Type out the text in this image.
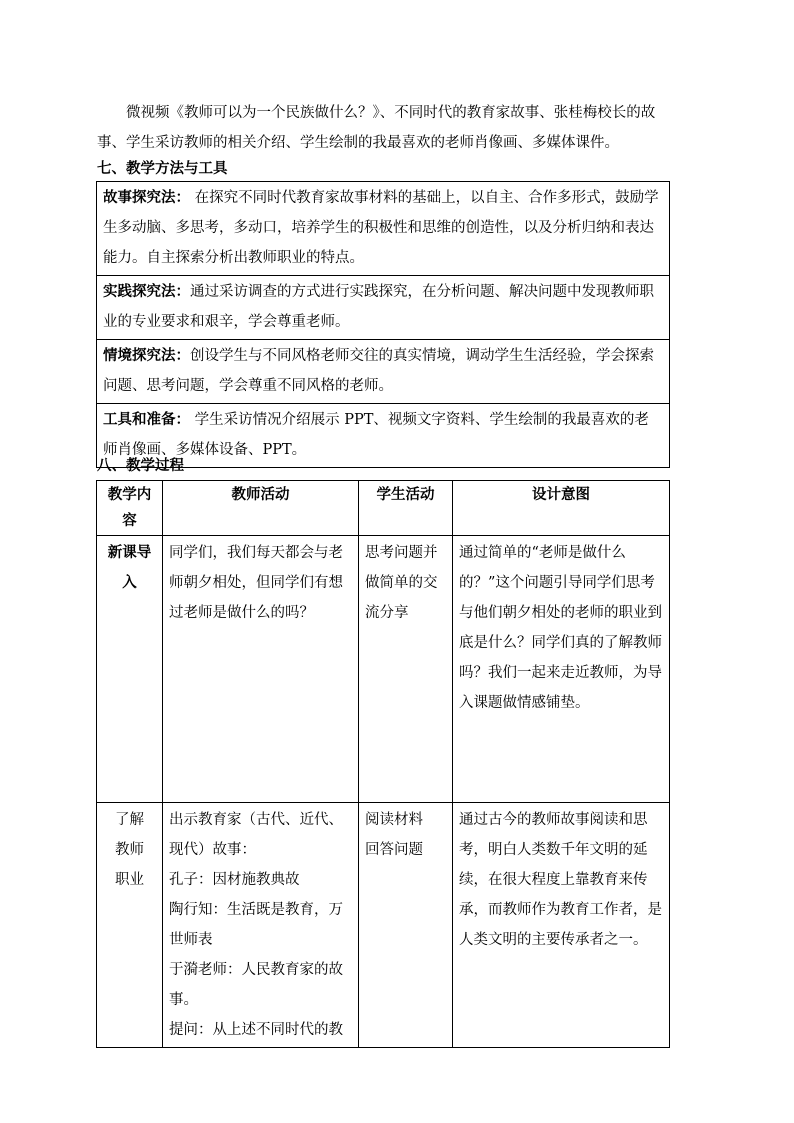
微视频《教师可以为一个民族做什么？》、不同时代的教育家故事、张桂梅校长的故事、学生采访教师的相关介绍、学生绘制的我最喜欢的老师肖像画、多媒体课件。
七、教学方法与工具
故事探究法： 在探究不同时代教育家故事材料的基础上，以自主、合作多形式，鼓励学生多动脑、多思考，多动口，培养学生的积极性和思维的创造性，以及分析归纳和表达能力。自主探索分析出教师职业的特点。
实践探究法：通过采访调查的方式进行实践探究，在分析问题、解决问题中发现教师职业的专业要求和艰辛，学会尊重老师。
情境探究法：创设学生与不同风格老师交往的真实情境，调动学生生活经验，学会探索问题、思考问题，学会尊重不同风格的老师。
工具和准备： 学生采访情况介绍展示 PPT、视频文字资料、学生绘制的我最喜欢的老师肖像画、多媒体设备、PPT。
八、教学过程
教学内容	教师活动	学生活动	设计意图

新课导入	同学们，我们每天都会与老师朝夕相处，但同学们有想过老师是做什么的吗？	思考问题并做简单的交流分享	通过简单的“老师是做什么的？”这个问题引导同学们思考与他们朝夕相处的老师的职业到底是什么？同学们真的了解教师吗？我们一起来走近教师，为导入课题做情感铺垫。

了解
教师
职业	出示教育家（古代、近代、现代）故事：
孔子：因材施教典故
陶行知：生活既是教育，万世师表
于漪老师：人民教育家的故事。
提问：从上述不同时代的教	阅读材料
回答问题	通过古今的教师故事阅读和思考，明白人类数千年文明的延续，在很大程度上靠教育来传承，而教师作为教育工作者，是人类文明的主要传承者之一。
